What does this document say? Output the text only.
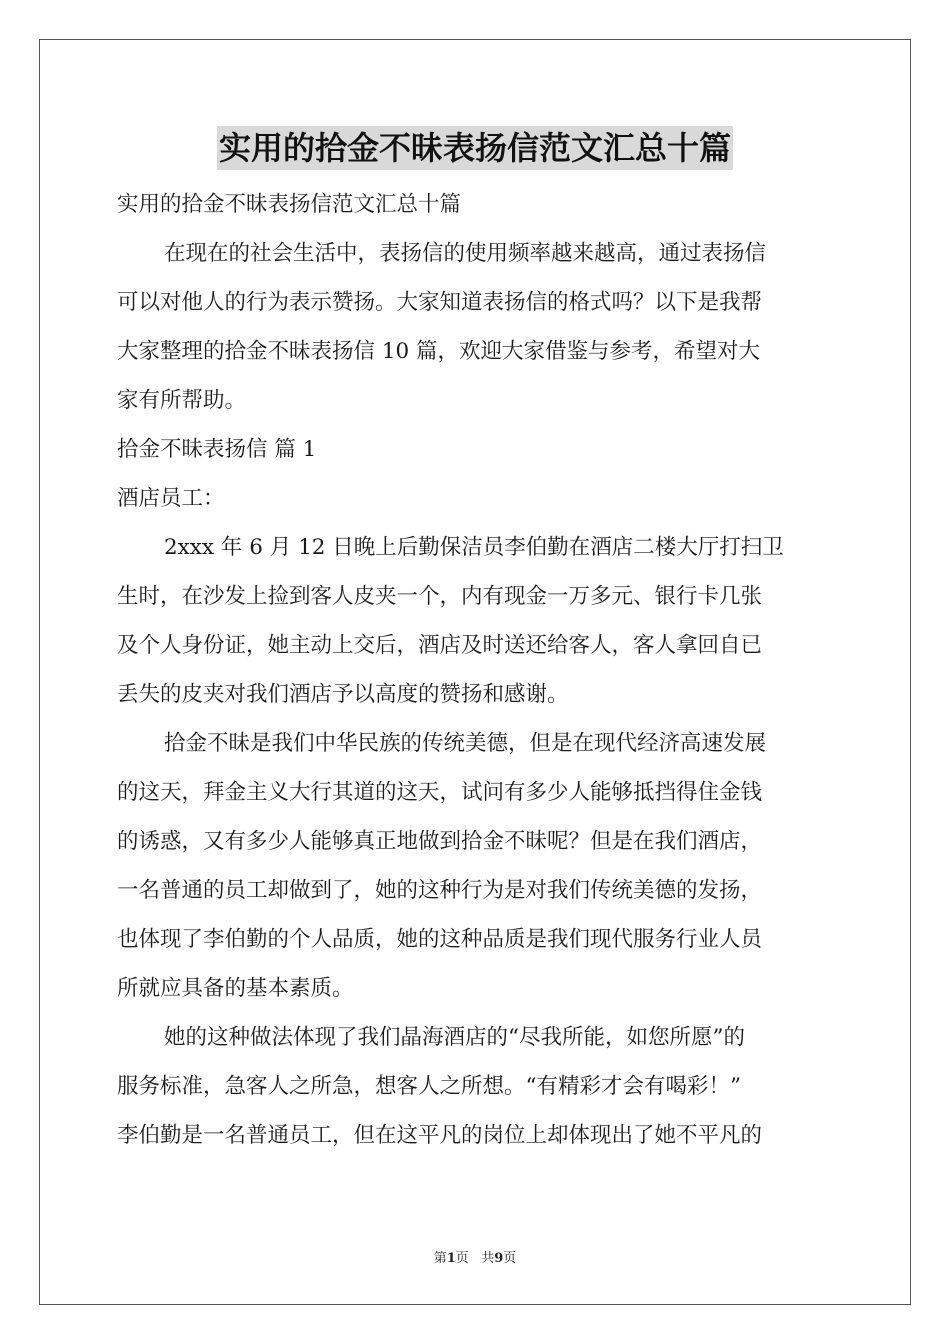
实用的拾金不昧表扬信范文汇总十篇
实用的拾金不昧表扬信范文汇总十篇
在现在的社会生活中，表扬信的使用频率越来越高，通过表扬信
可以对他人的行为表示赞扬。大家知道表扬信的格式吗？以下是我帮
大家整理的拾金不昧表扬信 10 篇，欢迎大家借鉴与参考，希望对大
家有所帮助。
拾金不昧表扬信 篇 1
酒店员工：
2xxx 年 6 月 12 日晚上后勤保洁员李伯勤在酒店二楼大厅打扫卫
生时，在沙发上捡到客人皮夹一个，内有现金一万多元、银行卡几张
及个人身份证，她主动上交后，酒店及时送还给客人，客人拿回自已
丢失的皮夹对我们酒店予以高度的赞扬和感谢。
拾金不昧是我们中华民族的传统美德，但是在现代经济高速发展
的这天，拜金主义大行其道的这天，试问有多少人能够抵挡得住金钱
的诱惑，又有多少人能够真正地做到拾金不昧呢？但是在我们酒店，
一名普通的员工却做到了，她的这种行为是对我们传统美德的发扬，
也体现了李伯勤的个人品质，她的这种品质是我们现代服务行业人员
所就应具备的基本素质。
她的这种做法体现了我们晶海酒店的“尽我所能，如您所愿”的
服务标准，急客人之所急，想客人之所想。“有精彩才会有喝彩！”
李伯勤是一名普通员工，但在这平凡的岗位上却体现出了她不平凡的
第1页 共9页
